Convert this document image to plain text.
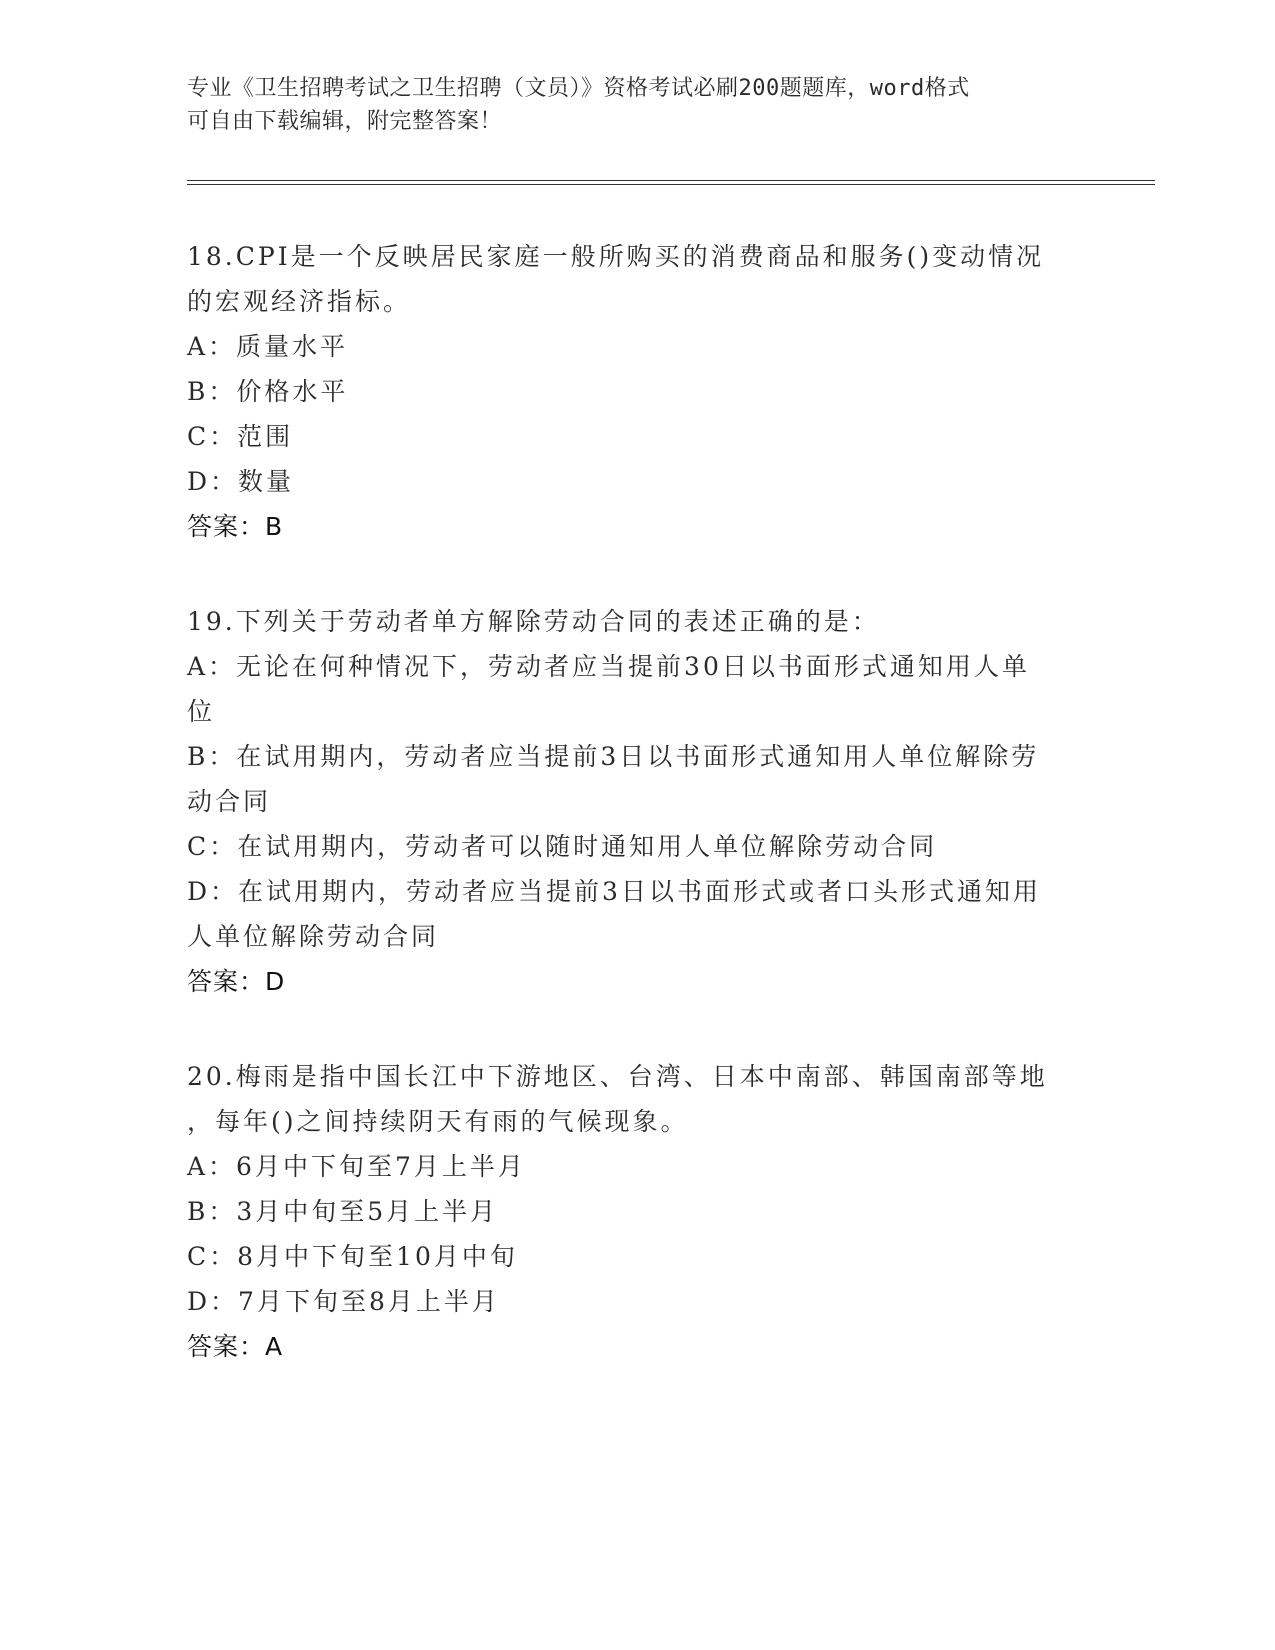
专业《卫生招聘考试之卫生招聘（文员）》资格考试必刷200题题库，word格式
可自由下载编辑，附完整答案！

18.CPI是一个反映居民家庭一般所购买的消费商品和服务()变动情况

的宏观经济指标。

A：质量水平

B：价格水平

C：范围

D：数量

答案：B

19.下列关于劳动者单方解除劳动合同的表述正确的是：

A：无论在何种情况下，劳动者应当提前30日以书面形式通知用人单

位

B：在试用期内，劳动者应当提前3日以书面形式通知用人单位解除劳

动合同

C：在试用期内，劳动者可以随时通知用人单位解除劳动合同

D：在试用期内，劳动者应当提前3日以书面形式或者口头形式通知用

人单位解除劳动合同

答案：D

20.梅雨是指中国长江中下游地区、台湾、日本中南部、韩国南部等地

，每年()之间持续阴天有雨的气候现象。

A：6月中下旬至7月上半月

B：3月中旬至5月上半月

C：8月中下旬至10月中旬

D：7月下旬至8月上半月

答案：A
